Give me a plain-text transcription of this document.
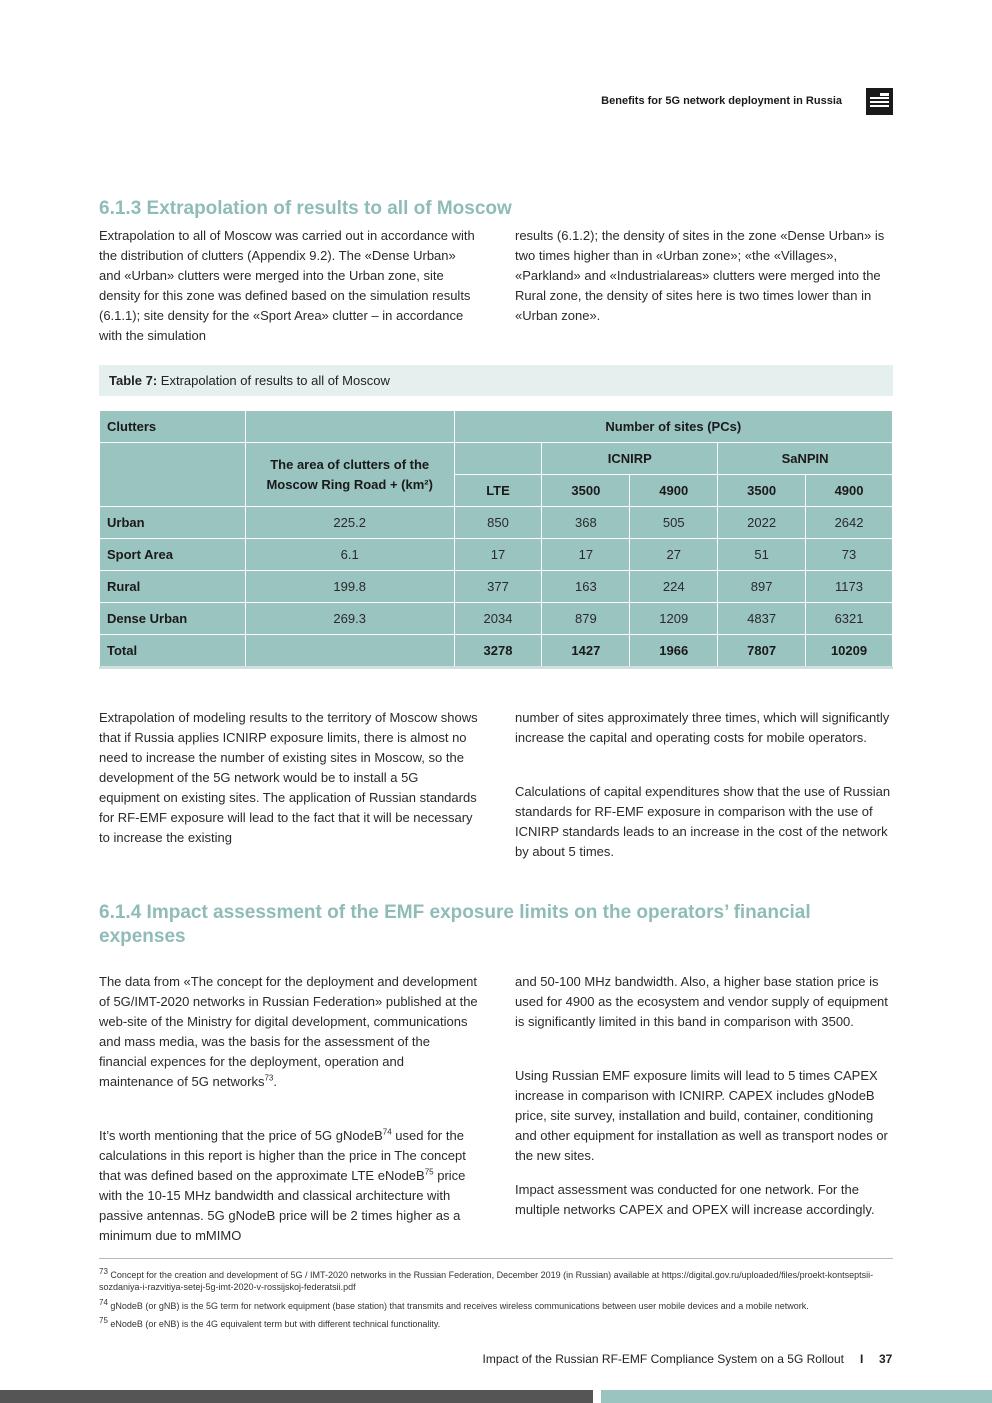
Benefits for 5G network deployment in Russia
6.1.3 Extrapolation of results to all of Moscow

Extrapolation to all of Moscow was carried out in accordance with the distribution of clutters (Appendix 9.2). The «Dense Urban» and «Urban» clutters were merged into the Urban zone, site density for this zone was defined based on the simulation results (6.1.1); site density for the «Sport Area» clutter – in accordance with the simulation

results (6.1.2); the density of sites in the zone «Dense Urban» is two times higher than in «Urban zone»; «the «Villages», «Parkland» and «Industrialareas» clutters were merged into the Rural zone, the density of sites here is two times lower than in «Urban zone».

Table 7: Extrapolation of results to all of Moscow
Clutters		Number of sites (PCs)				
	The area of clutters of the Moscow Ring Road + (km²)		ICNIRP		SaNPIN	
		LTE	3500	4900	3500	4900
Urban	225.2	850	368	505	2022	2642
Sport Area	6.1	17	17	27	51	73
Rural	199.8	377	163	224	897	1173
Dense Urban	269.3	2034	879	1209	4837	6321
Total		3278	1427	1966	7807	10209

Extrapolation of modeling results to the territory of Moscow shows that if Russia applies ICNIRP exposure limits, there is almost no need to increase the number of existing sites in Moscow, so the development of the 5G network would be to install a 5G equipment on existing sites. The application of Russian standards for RF-EMF exposure will lead to the fact that it will be necessary to increase the existing

number of sites approximately three times, which will significantly increase the capital and operating costs for mobile operators.

Calculations of capital expenditures show that the use of Russian standards for RF-EMF exposure in comparison with the use of ICNIRP standards leads to an increase in the cost of the network by about 5 times.

6.1.4 Impact assessment of the EMF exposure limits on the operators’ financial expenses

The data from «The concept for the deployment and development of 5G/IMT-2020 networks in Russian Federation» published at the web-site of the Ministry for digital development, communications and mass media, was the basis for the assessment of the financial expences for the deployment, operation and maintenance of 5G networks$^{73}$.

It’s worth mentioning that the price of 5G gNodeB$^{74}$ used for the calculations in this report is higher than the price in The concept that was defined based on the approximate LTE eNodeB$^{75}$ price with the 10-15 MHz bandwidth and classical architecture with passive antennas. 5G gNodeB price will be 2 times higher as a minimum due to mMIMO

and 50-100 MHz bandwidth. Also, a higher base station price is used for 4900 as the ecosystem and vendor supply of equipment is significantly limited in this band in comparison with 3500.

Using Russian EMF exposure limits will lead to 5 times CAPEX increase in comparison with ICNIRP. CAPEX includes gNodeB price, site survey, installation and build, container, conditioning and other equipment for installation as well as transport nodes or the new sites.

Impact assessment was conducted for one network. For the multiple networks CAPEX and OPEX will increase accordingly.

$^{73}$ Concept for the creation and development of 5G / IMT-2020 networks in the Russian Federation, December 2019 (in Russian) available at https://digital.gov.ru/uploaded/files/proekt-kontseptsii-sozdaniya-i-razvitiya-setej-5g-imt-2020-v-rossijskoj-federatsii.pdf
$^{74}$ gNodeB (or gNB) is the 5G term for network equipment (base station) that transmits and receives wireless communications between user mobile devices and a mobile network.
$^{75}$ eNodeB (or eNB) is the 4G equivalent term but with different technical functionality.
Impact of the Russian RF-EMF Compliance System on a 5G Rollout I 37
